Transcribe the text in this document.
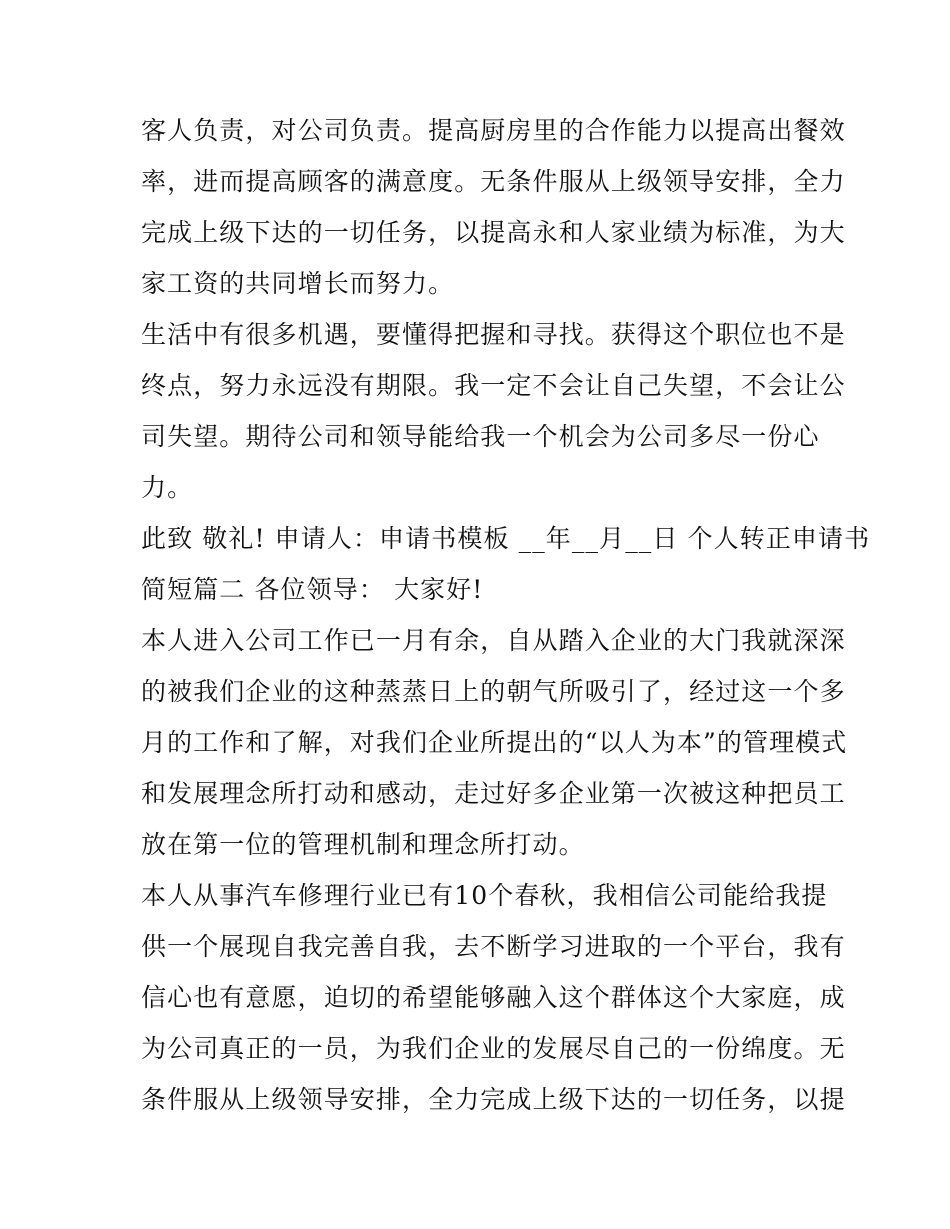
客人负责，对公司负责。提高厨房里的合作能力以提高出餐效
率，进而提高顾客的满意度。无条件服从上级领导安排，全力
完成上级下达的一切任务，以提高永和人家业绩为标准，为大
家工资的共同增长而努力。
生活中有很多机遇，要懂得把握和寻找。获得这个职位也不是
终点，努力永远没有期限。我一定不会让自己失望，不会让公
司失望。期待公司和领导能给我一个机会为公司多尽一份心
力。
此致 敬礼! 申请人：申请书模板 __年__月__日 个人转正申请书
简短篇二 各位领导： 大家好!
本人进入公司工作已一月有余，自从踏入企业的大门我就深深
的被我们企业的这种蒸蒸日上的朝气所吸引了，经过这一个多
月的工作和了解，对我们企业所提出的“以人为本”的管理模式
和发展理念所打动和感动，走过好多企业第一次被这种把员工
放在第一位的管理机制和理念所打动。
本人从事汽车修理行业已有10个春秋，我相信公司能给我提
供一个展现自我完善自我，去不断学习进取的一个平台，我有
信心也有意愿，迫切的希望能够融入这个群体这个大家庭，成
为公司真正的一员，为我们企业的发展尽自己的一份绵度。无
条件服从上级领导安排，全力完成上级下达的一切任务，以提
